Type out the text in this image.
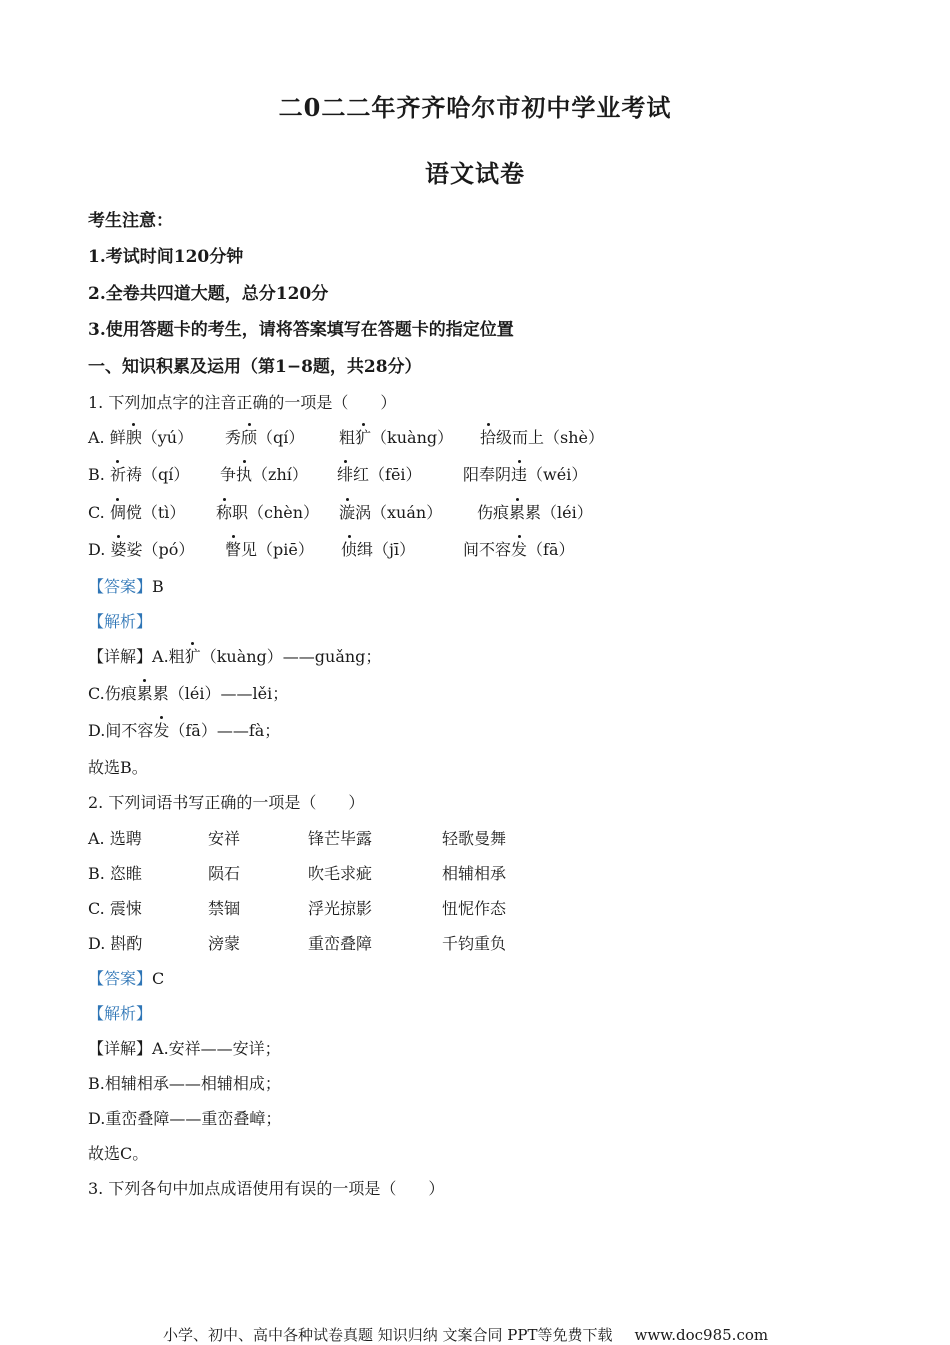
二0二二年齐齐哈尔市初中学业考试
语文试卷
考生注意：
1.考试时间120分钟
2.全卷共四道大题，总分120分
3.使用答题卡的考生，请将答案填写在答题卡的指定位置
一、知识积累及运用（第1−8题，共28分）
1. 下列加点字的注音正确的一项是（　　）
A. 鲜腴（yú） 秀颀（qí） 粗犷（kuàng） 拾级而上（shè）
B. 祈祷（qí） 争执（zhí） 绯红（fēi）	阳奉阴违（wéi）
C. 倜傥（tì） 称职（chèn） 漩涡（xuán） 伤痕累累（léi）
D. 婆娑（pó） 瞥见（piē） 侦缉（jī）	间不容发（fā）
【答案】B
【解析】
【详解】A.粗犷（kuàng）——guǎng；
C.伤痕累累（léi）——lěi；
D.间不容发（fā）——fà；
故选B。
2. 下列词语书写正确的一项是（　　）
A. 选聘	安祥	锋芒毕露	轻歌曼舞
B. 恣睢	陨石	吹毛求疵	相辅相承
C. 震悚	禁锢	浮光掠影	忸怩作态
D. 斟酌	滂蒙	重峦叠障	千钧重负
【答案】C
【解析】
【详解】A.安祥——安详；
B.相辅相承——相辅相成；
D.重峦叠障——重峦叠嶂；
故选C。
3. 下列各句中加点成语使用有误的一项是（　　）
小学、初中、高中各种试卷真题 知识归纳 文案合同 PPT等免费下载 www.doc985.com
